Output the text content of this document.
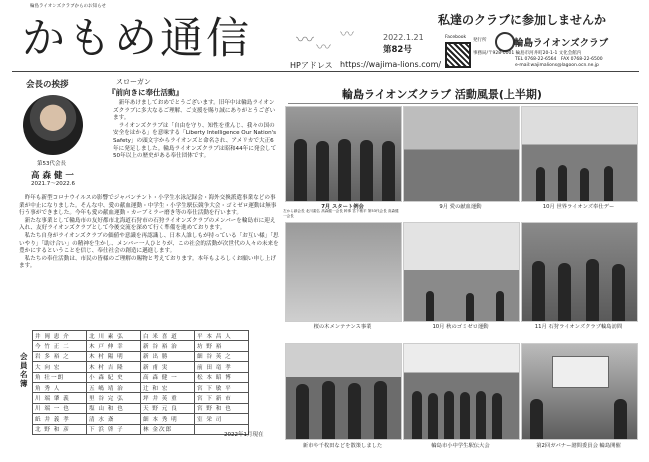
輪島ライオンズクラブからのお知らせ
かもめ通信 〰 〰
〰	2022.1.21
第82号
HPアドレス https://wajima-lions.com/
私達のクラブに参加しませんか
Facebook
発行所	輪島ライオンズクラブ
事務局/〒928-0001 輪島市河井町20-1-1 文化会館内
TEL 0768-22-6564　FAX 0768-22-6500
e-mail:wajimalions@lagoon.ocn.ne.jp
会長の挨拶
第53代会長
高 森 健 一
2021.7～2022.6
スローガン
『前向きに奉仕活動』

新年あけましておめでとうございます。旧年中は輪島ライオンズクラブに多大なるご理解、ご支援を賜り誠にありがとうございます。

ライオンズクラブは「自由を守り、知性を重んじ、我々の国の安全をはかる」を意味する「Liberty Intelligence Our Nation's Safety」の頭文字からライオンズと命名され、アメリカで大正6年に発足しました。輪島ライオンズクラブは昭和44年に発会して50年以上の歴史がある奉仕団体です。

昨年も新型コロナウイルスの影響でジャパンテント・小学生水泳記録会・海外交換派遣事業などの事業が中止になりました。そんな中、愛の献血運動・中学生・小学生駅伝競争大会・ゴミゼロ運動は無事行う事ができました。今年も愛の献血運動・カーブミラー磨き等の奉仕活動を行います。

新たな事業として輪島市の友好都市北海道石狩市の石狩ライオンズクラブのメンバーを輪島市に迎え入れ、友好ライオンズクラブとして今後交流を深めて行く準備を進めております。

私たち自身がライオンズクラブの価値や意識を再認識し、日本人誰しもが持っている「お互い様」「思いやり」「助け合い」の精神を生かし、メンバー一人ひとりが、この社会的活動が次世代の人々の未来を豊かにするということを信じ、奉仕社会の創造に邁進します。

私たちの奉仕活動は、市民の皆様のご理解の賜物と考えております。本年もよろしくお願い申し上げます。

会員名簿
井 岡 恵 介	北 川 素 弘	白 米 喜 道	平 本 昌 人
今 竹 正 二	木 戸 伸 幸	新 谷 裕 治	坊 野 裕
岩 多 裕 之	木 村 陽 明	新 出 勝	細 谷 英 之
大 向 宏	木 村 吉 隆	新 甫 実	前 田 竜 孝
角 壮一朗	小 森 紀 史	高 森 健 一	松 本 昭 博
角 秀 人	五 嶋 靖 治	辻 和 宏	宮 下 敏 平
川 端 肇 義	里 谷 完 弘	坪 井 英 重	宮 下 新 市
川 端 一 也	塩 山 和 也	天 野 元 良	宮 野 和 也
紙 井 義 孝	清 水 斎	細 本 秀 明	室 栄 司
北 野 和 彦	下 浜 啓 子	林 金次郎	
2022年1月現在
輪島ライオンズクラブ 活動風景(上半期)
7月 スタート例会
左から副会長 北川素弘 高森健一会長 幹事 宮下敏平 第53代会長 高森健一会長
9月 愛の献血運動	10月 世界ライオンズ奉仕デー
桜の木メンテナンス事業	10月 秋のゴミゼロ運動	11月 石狩ライオンズクラブ輪島訪問
新市や千枚田などを散策しました	輪島市小中学生駅伝大会	第2回ガバナー諮問委員会 輪島開催
